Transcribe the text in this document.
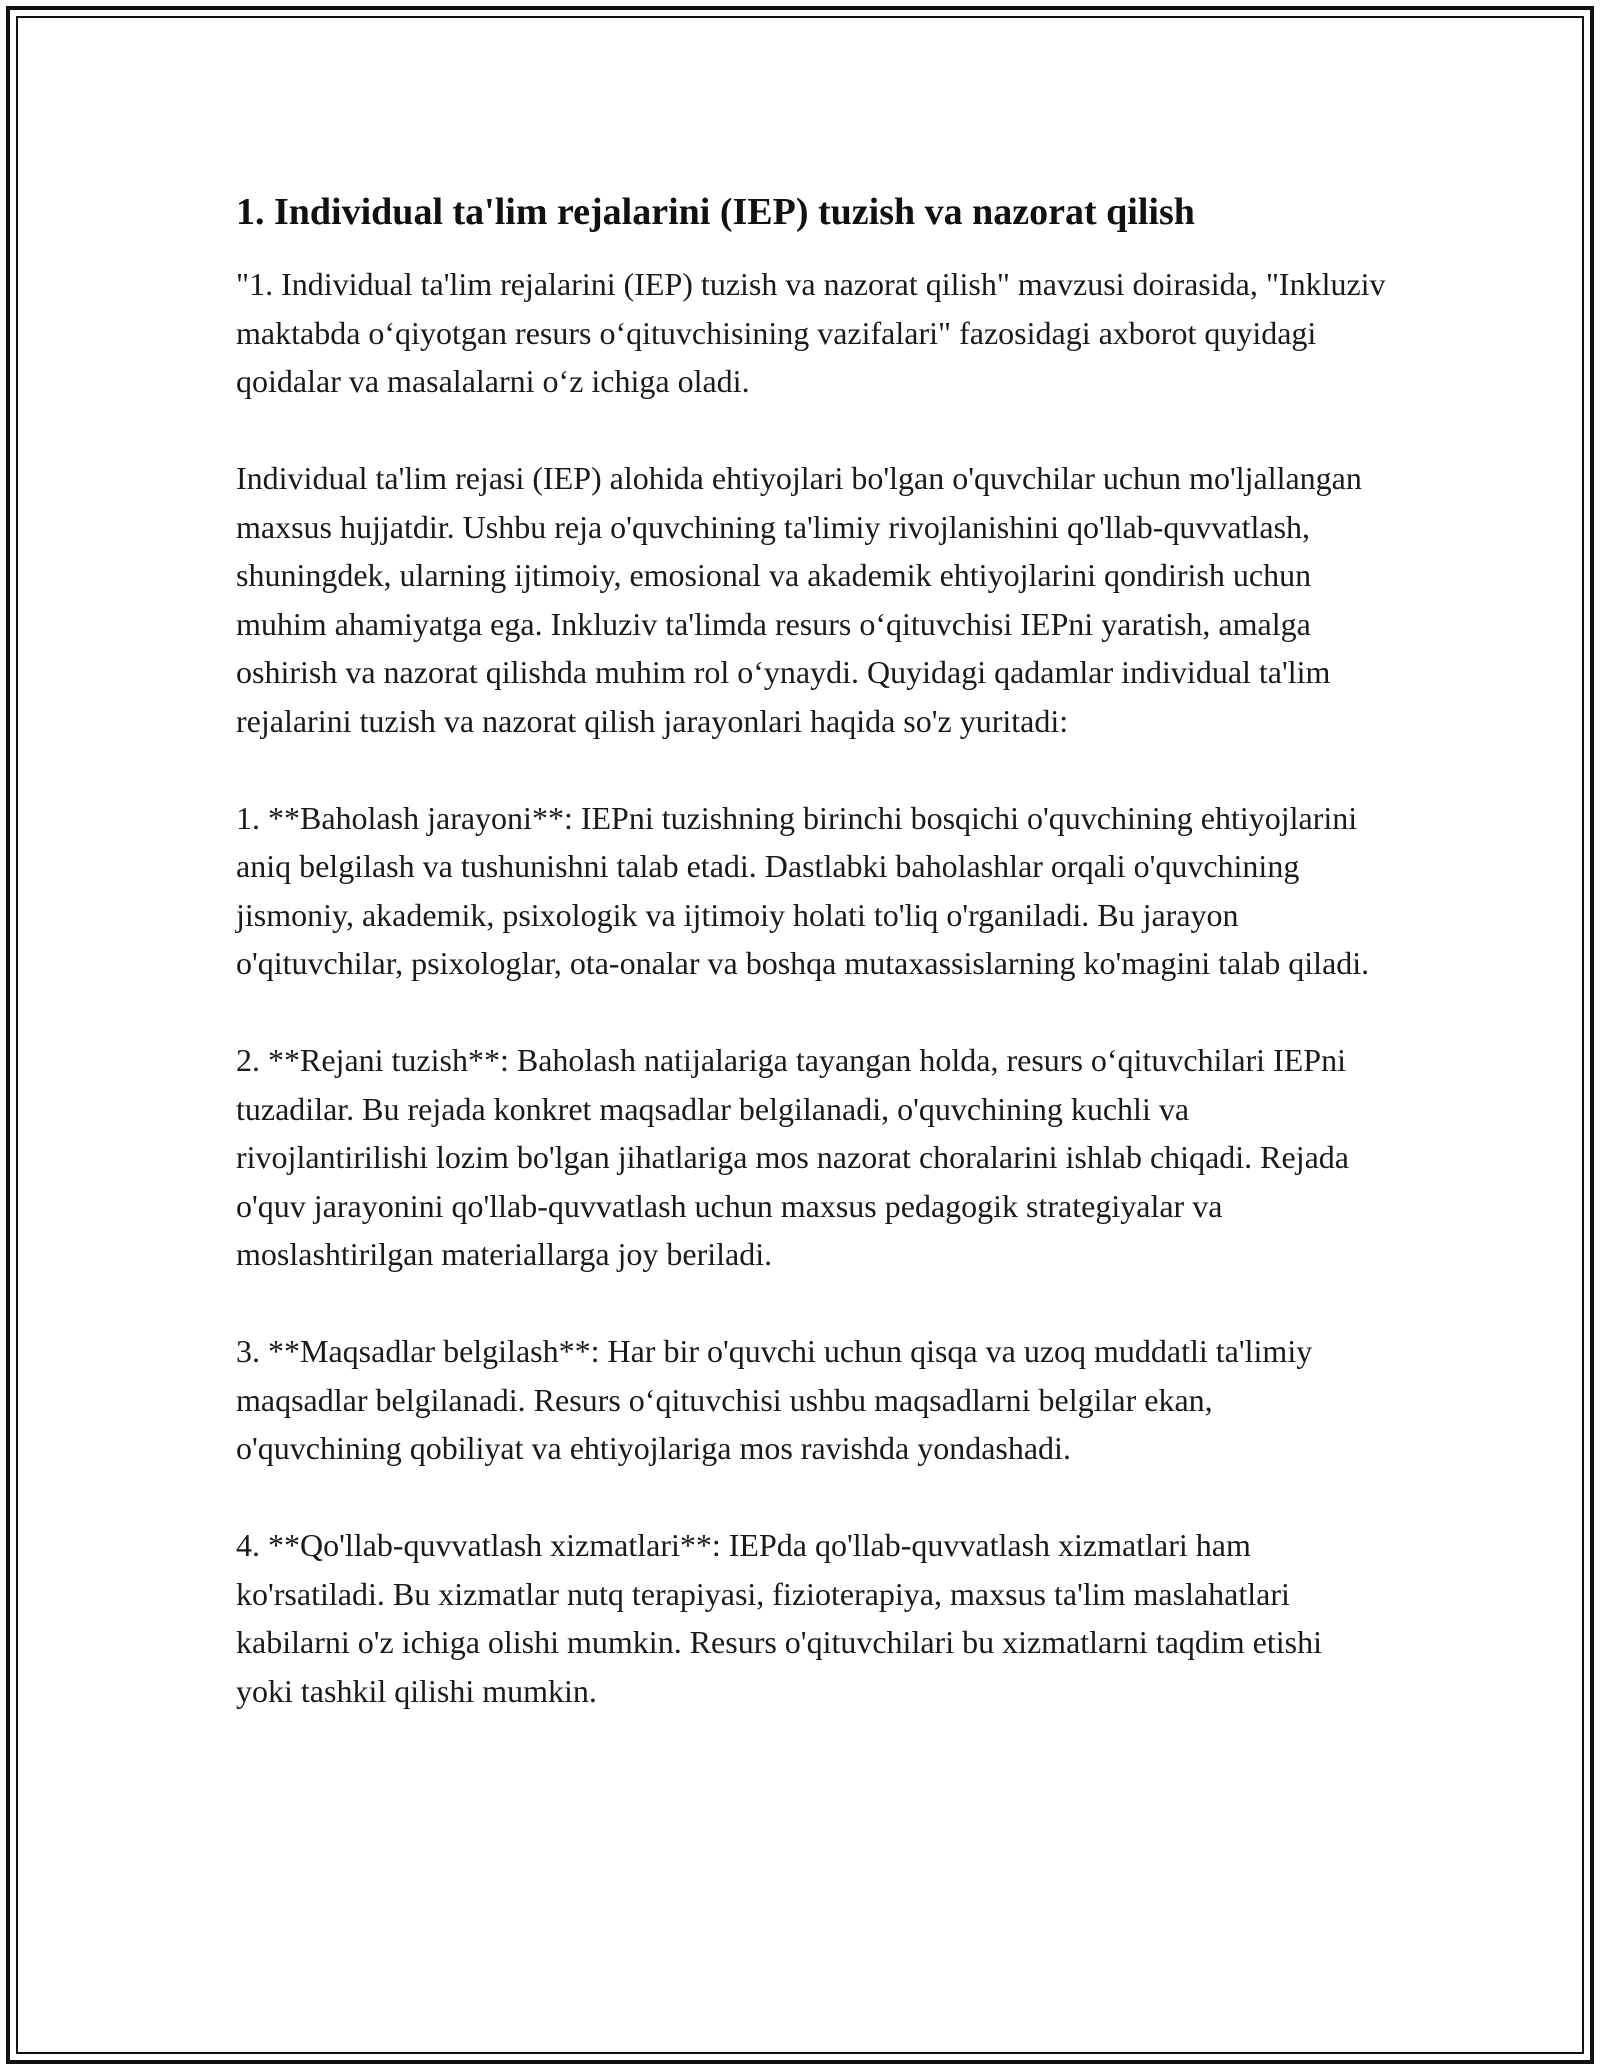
1. Individual ta'lim rejalarini (IEP) tuzish va nazorat qilish

"1. Individual ta'lim rejalarini (IEP) tuzish va nazorat qilish" mavzusi doirasida, "Inkluziv maktabda oʻqiyotgan resurs oʻqituvchisining vazifalari" fazosidagi axborot quyidagi qoidalar va masalalarni oʻz ichiga oladi.

Individual ta'lim rejasi (IEP) alohida ehtiyojlari bo'lgan o'quvchilar uchun mo'ljallangan maxsus hujjatdir. Ushbu reja o'quvchining ta'limiy rivojlanishini qo'llab-quvvatlash, shuningdek, ularning ijtimoiy, emosional va akademik ehtiyojlarini qondirish uchun muhim ahamiyatga ega. Inkluziv ta'limda resurs oʻqituvchisi IEPni yaratish, amalga oshirish va nazorat qilishda muhim rol oʻynaydi. Quyidagi qadamlar individual ta'lim rejalarini tuzish va nazorat qilish jarayonlari haqida so'z yuritadi:

1. **Baholash jarayoni**: IEPni tuzishning birinchi bosqichi o'quvchining ehtiyojlarini aniq belgilash va tushunishni talab etadi. Dastlabki baholashlar orqali o'quvchining jismoniy, akademik, psixologik va ijtimoiy holati to'liq o'rganiladi. Bu jarayon o'qituvchilar, psixologlar, ota-onalar va boshqa mutaxassislarning ko'magini talab qiladi.

2. **Rejani tuzish**: Baholash natijalariga tayangan holda, resurs oʻqituvchilari IEPni tuzadilar. Bu rejada konkret maqsadlar belgilanadi, o'quvchining kuchli va rivojlantirilishi lozim bo'lgan jihatlariga mos nazorat choralarini ishlab chiqadi. Rejada o'quv jarayonini qo'llab-quvvatlash uchun maxsus pedagogik strategiyalar va moslashtirilgan materiallarga joy beriladi.

3. **Maqsadlar belgilash**: Har bir o'quvchi uchun qisqa va uzoq muddatli ta'limiy maqsadlar belgilanadi. Resurs oʻqituvchisi ushbu maqsadlarni belgilar ekan, o'quvchining qobiliyat va ehtiyojlariga mos ravishda yondashadi.

4. **Qo'llab-quvvatlash xizmatlari**: IEPda qo'llab-quvvatlash xizmatlari ham ko'rsatiladi. Bu xizmatlar nutq terapiyasi, fizioterapiya, maxsus ta'lim maslahatlari kabilarni o'z ichiga olishi mumkin. Resurs o'qituvchilari bu xizmatlarni taqdim etishi yoki tashkil qilishi mumkin.
